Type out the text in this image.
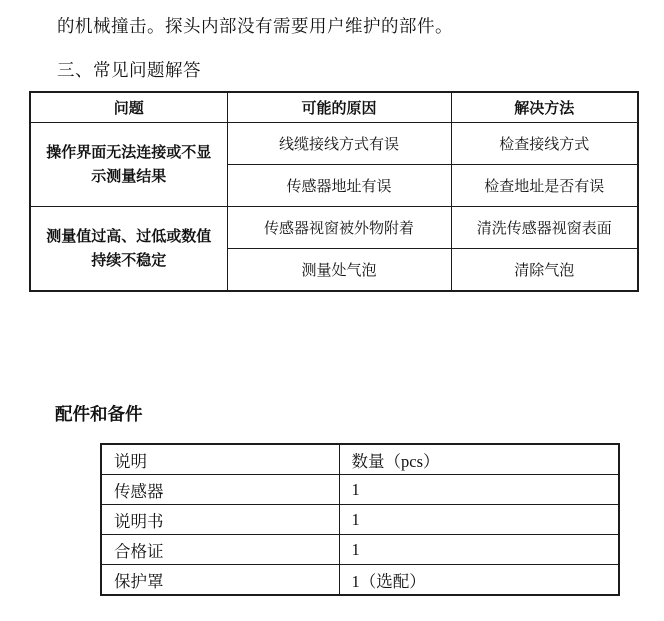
的机械撞击。探头内部没有需要用户维护的部件。
三、常见问题解答
问题	可能的原因	解决方法
操作界面无法连接或不显示测量结果	线缆接线方式有误	检查接线方式
	传感器地址有误	检查地址是否有误
测量值过高、过低或数值持续不稳定	传感器视窗被外物附着	清洗传感器视窗表面
	测量处气泡	清除气泡
配件和备件
说明	数量（pcs）
传感器	1
说明书	1
合格证	1
保护罩	1（选配）
